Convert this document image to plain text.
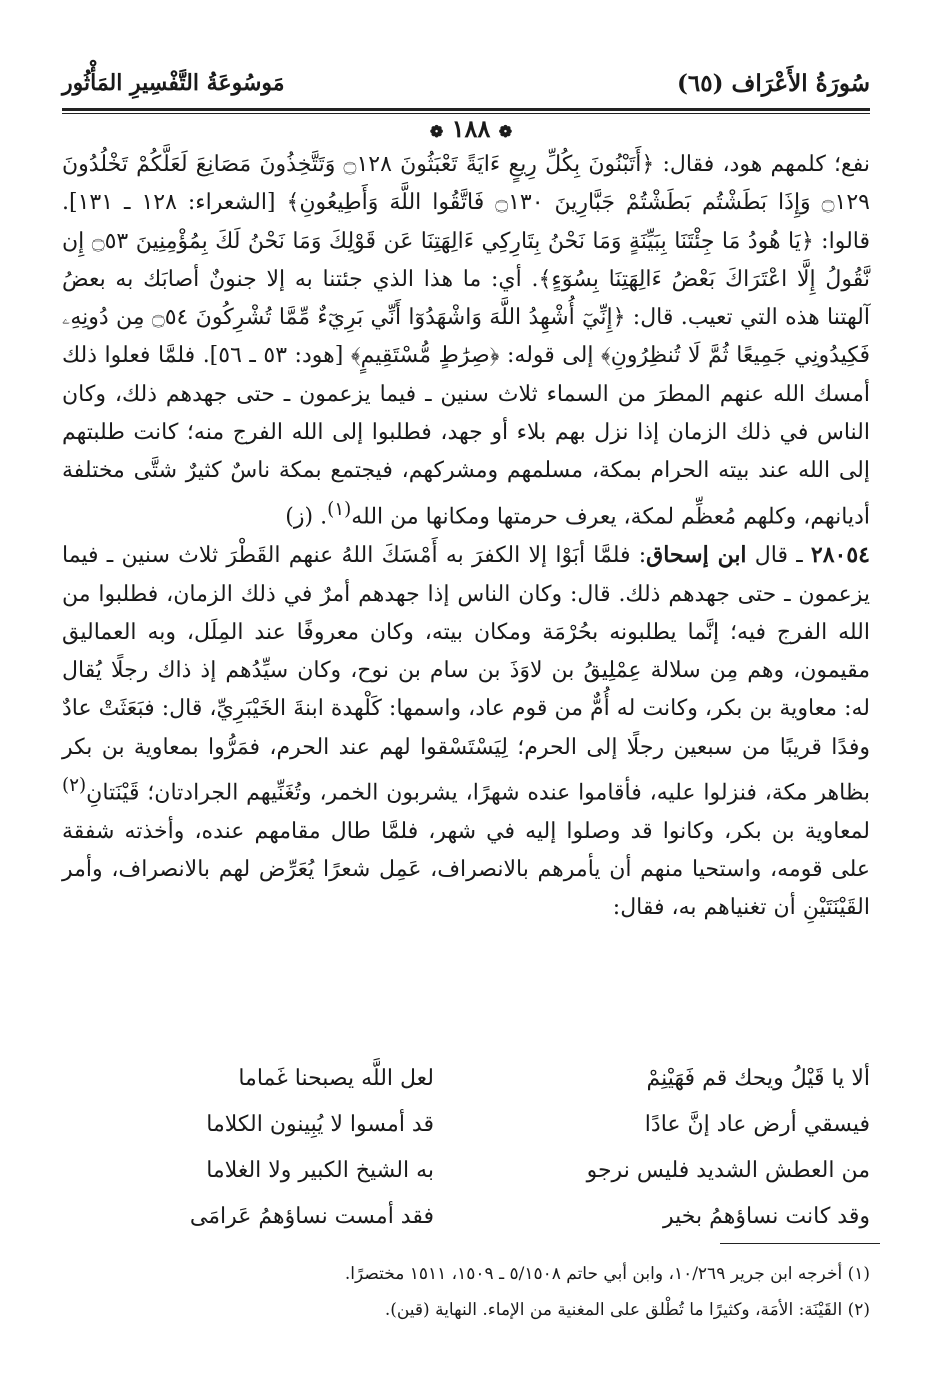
سُورَةُ الأَعْرَاف (٦٥)
مَوسُوعَةُ التَّفْسِيرِ المَأْثُور
❁ ١٨٨ ❁

نفع؛ كلمهم هود، فقال: ﴿أَتَبْنُونَ بِكُلِّ رِيعٍ ءَايَةً تَعْبَثُونَ ۝١٢٨ وَتَتَّخِذُونَ مَصَانِعَ لَعَلَّكُمْ تَخْلُدُونَ ۝١٢٩ وَإِذَا بَطَشْتُم بَطَشْتُمْ جَبَّارِينَ ۝١٣٠ فَاتَّقُوا اللَّهَ وَأَطِيعُونِ﴾ [الشعراء: ١٢٨ ـ ١٣١]. قالوا: ﴿يَا هُودُ مَا جِئْتَنَا بِبَيِّنَةٍ وَمَا نَحْنُ بِتَارِكِي ءَالِهَتِنَا عَن قَوْلِكَ وَمَا نَحْنُ لَكَ بِمُؤْمِنِينَ ۝٥٣ إِن نَّقُولُ إِلَّا اعْتَرَاكَ بَعْضُ ءَالِهَتِنَا بِسُوٓءٍ﴾. أي: ما هذا الذي جئتنا به إلا جنونٌ أصابَك به بعضُ آلهتنا هذه التي تعيب. قال: ﴿إِنِّيٓ أُشْهِدُ اللَّهَ وَاشْهَدُوٓا أَنِّي بَرِيٓءٌ مِّمَّا تُشْرِكُونَ ۝٥٤ مِن دُونِهِۦ فَكِيدُونِي جَمِيعًا ثُمَّ لَا تُنظِرُونِ﴾ إلى قوله: ﴿صِرَٰطٍ مُّسْتَقِيمٍ﴾ [هود: ٥٣ ـ ٥٦]. فلمَّا فعلوا ذلك أمسك الله عنهم المطرَ من السماء ثلاث سنين ـ فيما يزعمون ـ حتى جهدهم ذلك، وكان الناس في ذلك الزمان إذا نزل بهم بلاء أو جهد، فطلبوا إلى الله الفرج منه؛ كانت طلبتهم إلى الله عند بيته الحرام بمكة، مسلمهم ومشركهم، فيجتمع بمكة ناسٌ كثيرٌ شتَّى مختلفة أديانهم، وكلهم مُعظِّم لمكة، يعرف حرمتها ومكانها من الله$^{(١)}$. (ز)

٢٨٠٥٤ ـ قال ابن إسحاق: فلمَّا أبَوْا إلا الكفرَ به أَمْسَكَ اللهُ عنهم القَطْرَ ثلاث سنين ـ فيما يزعمون ـ حتى جهدهم ذلك. قال: وكان الناس إذا جهدهم أمرٌ في ذلك الزمان، فطلبوا من الله الفرج فيه؛ إنَّما يطلبونه بحُرْمَة ومكان بيته، وكان معروفًا عند المِلَل، وبه العماليق مقيمون، وهم مِن سلالة عِمْلِيقُ بن لاوَذَ بن سام بن نوح، وكان سيِّدُهم إذ ذاك رجلًا يُقال له: معاوية بن بكر، وكانت له أُمٌّ من قوم عاد، واسمها: كَلْهدة ابنةَ الخَيْبَرِيِّ، قال: فبَعَثَتْ عادٌ وفدًا قريبًا من سبعين رجلًا إلى الحرم؛ لِيَسْتَسْقوا لهم عند الحرم، فمَرُّوا بمعاوية بن بكر بظاهر مكة، فنزلوا عليه، فأقاموا عنده شهرًا، يشربون الخمر، وتُغَنِّيهم الجرادتان؛ قَيْنَتانِ$^{(٢)}$ لمعاوية بن بكر، وكانوا قد وصلوا إليه في شهر، فلمَّا طال مقامهم عنده، وأخذته شفقة على قومه، واستحيا منهم أن يأمرهم بالانصراف، عَمِل شعرًا يُعَرِّض لهم بالانصراف، وأمر القَيْنَتَيْنِ أن تغنياهم به، فقال:

ألا يا قَيْلُ ويحك قم فَهَيْنِمْ
لعل اللَّه يصبحنا غَماما
فيسقي أرض عاد إنَّ عادًا
قد أمسوا لا يُبِينون الكلاما
من العطش الشديد فليس نرجو
به الشيخ الكبير ولا الغلاما
وقد كانت نساؤهمُ بخير
فقد أمست نساؤهمُ عَرامَى

(١) أخرجه ابن جرير ١٠/٢٦٩، وابن أبي حاتم ٥/١٥٠٨ ـ ١٥٠٩، ١٥١١ مختصرًا.

(٢) القَيْنَة: الأمَة، وكثيرًا ما تُطْلق على المغنية من الإماء. النهاية (قين).
